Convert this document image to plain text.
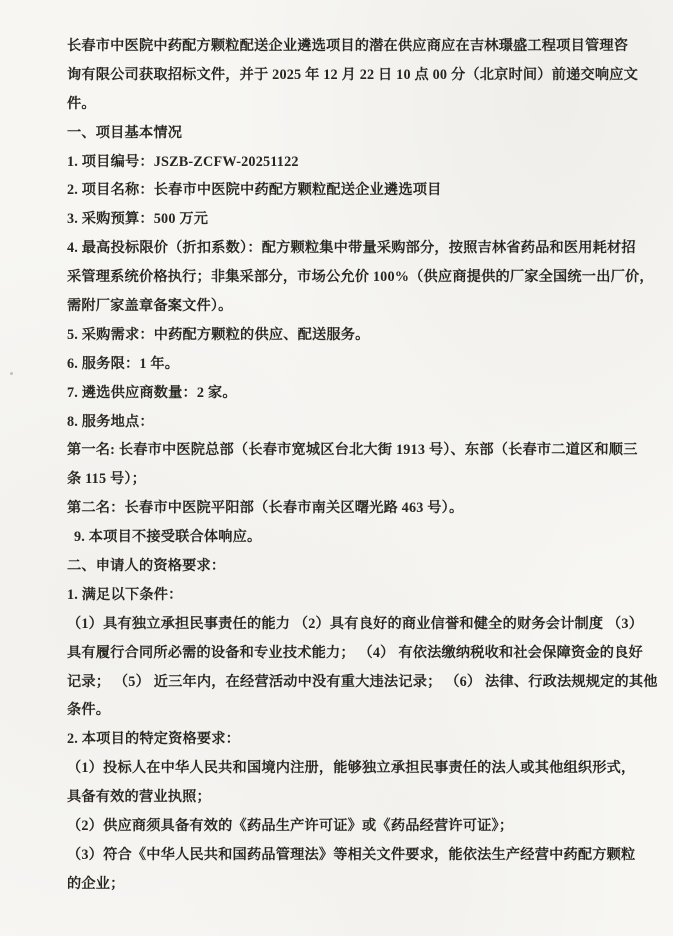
长春市中医院中药配方颗粒配送企业遴选项目的潜在供应商应在吉林璟盛工程项目管理咨
询有限公司获取招标文件，并于 2025 年 12 月 22 日 10 点 00 分（北京时间）前递交响应文
件。
一、项目基本情况
1. 项目编号：JSZB-ZCFW-20251122
2. 项目名称：长春市中医院中药配方颗粒配送企业遴选项目
3. 采购预算：500 万元
4. 最高投标限价（折扣系数）：配方颗粒集中带量采购部分，按照吉林省药品和医用耗材招
采管理系统价格执行；非集采部分，市场公允价 100%（供应商提供的厂家全国统一出厂价，
需附厂家盖章备案文件）。
5. 采购需求：中药配方颗粒的供应、配送服务。
6. 服务限：1 年。
7. 遴选供应商数量：2 家。
8. 服务地点：
第一名: 长春市中医院总部（长春市宽城区台北大街 1913 号）、东部（长春市二道区和顺三
条 115 号）；
第二名：长春市中医院平阳部（长春市南关区曙光路 463 号）。
9. 本项目不接受联合体响应。
二、申请人的资格要求：
1. 满足以下条件：
（1）具有独立承担民事责任的能力 （2）具有良好的商业信誉和健全的财务会计制度 （3）
具有履行合同所必需的设备和专业技术能力； （4） 有依法缴纳税收和社会保障资金的良好
记录； （5） 近三年内，在经营活动中没有重大违法记录； （6） 法律、行政法规规定的其他
条件。
2. 本项目的特定资格要求：
（1）投标人在中华人民共和国境内注册，能够独立承担民事责任的法人或其他组织形式，
具备有效的营业执照；
（2）供应商须具备有效的《药品生产许可证》或《药品经营许可证》；
（3）符合《中华人民共和国药品管理法》等相关文件要求，能依法生产经营中药配方颗粒
的企业；
